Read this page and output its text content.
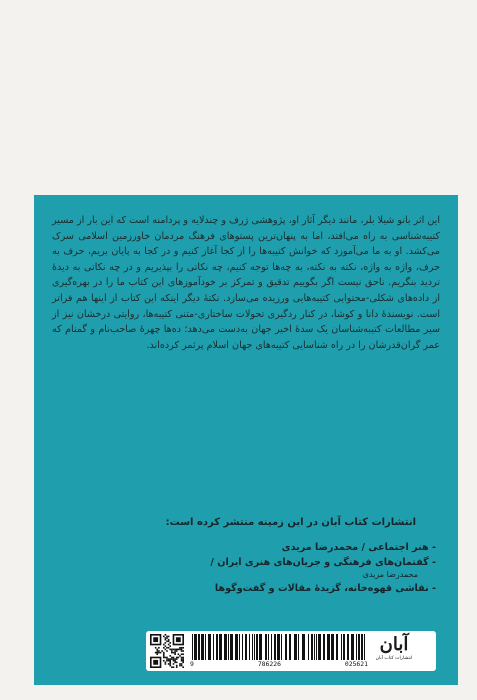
این اثر بانو شیلا بلر، مانند دیگر آثار او، پژوهشی ژرف و چندلایه و پردامنه است که این بار از مسیر کتیبه‌شناسی به راه می‌افتد، اما به پنهان‌ترین پستوهای فرهنگ مردمان خاورزمین اسلامی سرک می‌کشد. او به ما می‌آموزد که خوانش کتیبه‌ها را از کجا آغاز کنیم و در کجا به پایان بریم، حرف به حرف، واژه به واژه، نکته به نکته، به چه‌ها توجه کنیم، چه نکاتی را بپذیریم و در چه نکاتی به دیدهٔ تردید بنگریم. ناحق نیست اگر بگوییم تدقیق و تمرکز بر خودآموزهای این کتاب ما را در بهره‌گیری از داده‌های شکلی-محتوایی کتیبه‌هایی ورزیده می‌سازد. نکتهٔ دیگر اینکه این کتاب از اینها هم فراتر است. نویسندهٔ دانا و کوشا، در کنار ردگیری تحولات ساختاری-متنی کتیبه‌ها، روایتی درخشان نیز از سیر مطالعات کتیبه‌شناسان یک سدهٔ اخیر جهان به‌دست می‌دهد؛ ده‌ها چهرهٔ صاحب‌نام و گمنام که عمر گران‌قدرشان را در راه شناسایی کتیبه‌های جهان اسلام پرثمر کرده‌اند.

انتشارات کتاب آبان در این زمینه منتشر کرده است:
- هنر اجتماعی / محمدرضا مریدی
- گفتمان‌های فرهنگی و جریان‌های هنری ایران /
محمدرضا مریدی
- نقاشی قهوه‌خانه، گزیدهٔ مقالات و گفت‌وگوها
9	786226	025621
آبان
انتشارات کتاب آبان
